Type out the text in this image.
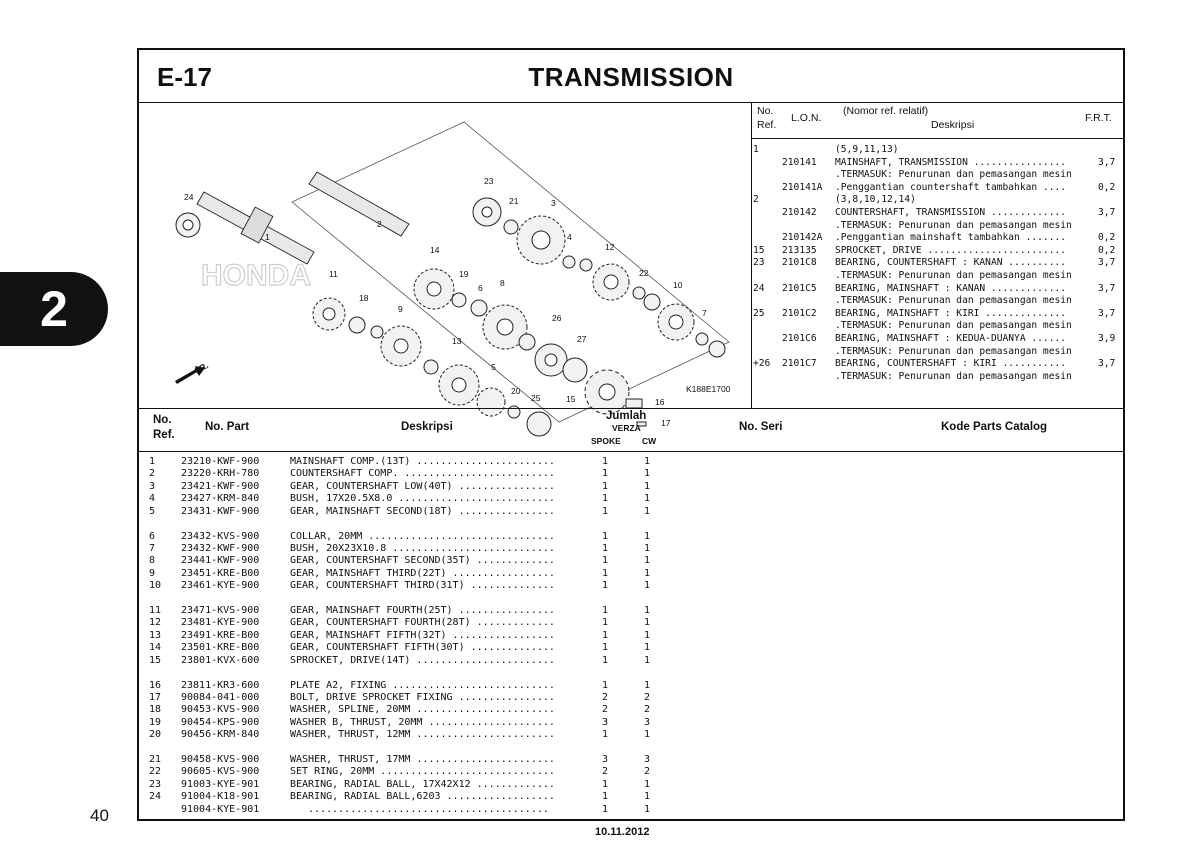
2
40
E-17	TRANSMISSION
HONDA
1
2
3
4
5
6
7
8
9
10
11
12
13
14
15	16
17
18
19
20
21
22
23
24
25
26
27
FR.
K188E1700
No.
Ref.
L.O.N.
(Nomor ref. relatif)
Deskripsi
F.R.T.
1	(5,9,11,13)
210141 MAINSHAFT, TRANSMISSION ................	3,7
.TERMASUK: Penurunan dan pemasangan mesin
210141A .Penggantian countershaft tambahkan ....	0,2
2	(3,8,10,12,14)
210142 COUNTERSHAFT, TRANSMISSION .............	3,7
.TERMASUK: Penurunan dan pemasangan mesin
210142A .Penggantian mainshaft tambahkan .......	0,2
15 213135 SPROCKET, DRIVE ........................	0,2
23 2101C8 BEARING, COUNTERSHAFT : KANAN ..........	3,7
.TERMASUK: Penurunan dan pemasangan mesin
24 2101C5 BEARING, MAINSHAFT : KANAN .............	3,7
.TERMASUK: Penurunan dan pemasangan mesin
25 2101C2 BEARING, MAINSHAFT : KIRI ..............	3,7
.TERMASUK: Penurunan dan pemasangan mesin
2101C6 BEARING, MAINSHAFT : KEDUA-DUANYA ......	3,9
.TERMASUK: Penurunan dan pemasangan mesin
+26 2101C7 BEARING, COUNTERSHAFT : KIRI ...........	3,7
.TERMASUK: Penurunan dan pemasangan mesin
No.
Ref.
No. Part	Deskripsi
Jumlah
VERZA
SPOKE CW
No. Seri	Kode Parts Catalog
1	23210-KWF-900	MAINSHAFT COMP.(13T) .......................	1	1
2	23220-KRH-780	COUNTERSHAFT COMP. .........................	1	1
3	23421-KWF-900	GEAR, COUNTERSHAFT LOW(40T) ................	1	1
4	23427-KRM-840	BUSH, 17X20.5X8.0 ..........................	1	1
5	23431-KWF-900	GEAR, MAINSHAFT SECOND(18T) ................	1	1
6	23432-KVS-900	COLLAR, 20MM ...............................	1	1
7	23432-KWF-900	BUSH, 20X23X10.8 ...........................	1	1
8	23441-KWF-900	GEAR, COUNTERSHAFT SECOND(35T) .............	1	1
9	23451-KRE-B00	GEAR, MAINSHAFT THIRD(22T) .................	1	1
10 23461-KYE-900	GEAR, COUNTERSHAFT THIRD(31T) ..............	1	1
11 23471-KVS-900	GEAR, MAINSHAFT FOURTH(25T) ................	1	1
12 23481-KYE-900	GEAR, COUNTERSHAFT FOURTH(28T) .............	1	1
13 23491-KRE-B00	GEAR, MAINSHAFT FIFTH(32T) .................	1	1
14 23501-KRE-B00	GEAR, COUNTERSHAFT FIFTH(30T) ..............	1	1
15 23801-KVX-600	SPROCKET, DRIVE(14T) .......................	1	1
16 23811-KR3-600	PLATE A2, FIXING ...........................	1	1
17 90084-041-000	BOLT, DRIVE SPROCKET FIXING ................	2	2
18 90453-KVS-900	WASHER, SPLINE, 20MM .......................	2	2
19 90454-KPS-900	WASHER B, THRUST, 20MM .....................	3	3
20 90456-KRM-840	WASHER, THRUST, 12MM .......................	1	1
21 90458-KVS-900	WASHER, THRUST, 17MM .......................	3	3
22 90605-KVS-900	SET RING, 20MM .............................	2	2
23 91003-KYE-901	BEARING, RADIAL BALL, 17X42X12 .............	1	1
24 91004-K18-901	BEARING, RADIAL BALL,6203 ..................	1	1
91004-KYE-901	........................................	1	1
10.11.2012
